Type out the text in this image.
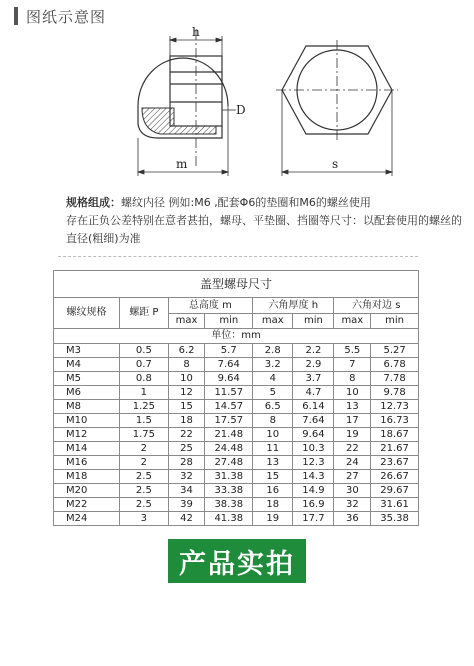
图纸示意图
h
D
m	s
规格组成：螺纹内径 例如:M6 ,配套Φ6的垫圈和M6的螺丝使用
存在正负公差特别在意者甚拍，螺母、平垫圈、挡圈等尺寸：以配套使用的螺丝的
直径(粗细)为准
盖型螺母尺寸							
螺纹规格	螺距 P	总高度 m		六角厚度 h		六角对边 s	
		max	min	max	min	max	min
单位：mm							
M3	0.5	6.2	5.7	2.8	2.2	5.5	5.27
M4	0.7	8	7.64	3.2	2.9	7	6.78
M5	0.8	10	9.64	4	3.7	8	7.78
M6	1	12	11.57	5	4.7	10	9.78
M8	1.25	15	14.57	6.5	6.14	13	12.73
M10	1.5	18	17.57	8	7.64	17	16.73
M12	1.75	22	21.48	10	9.64	19	18.67
M14	2	25	24.48	11	10.3	22	21.67
M16	2	28	27.48	13	12.3	24	23.67
M18	2.5	32	31.38	15	14.3	27	26.67
M20	2.5	34	33.38	16	14.9	30	29.67
M22	2.5	39	38.38	18	16.9	32	31.61
M24	3	42	41.38	19	17.7	36	35.38
产品实拍
